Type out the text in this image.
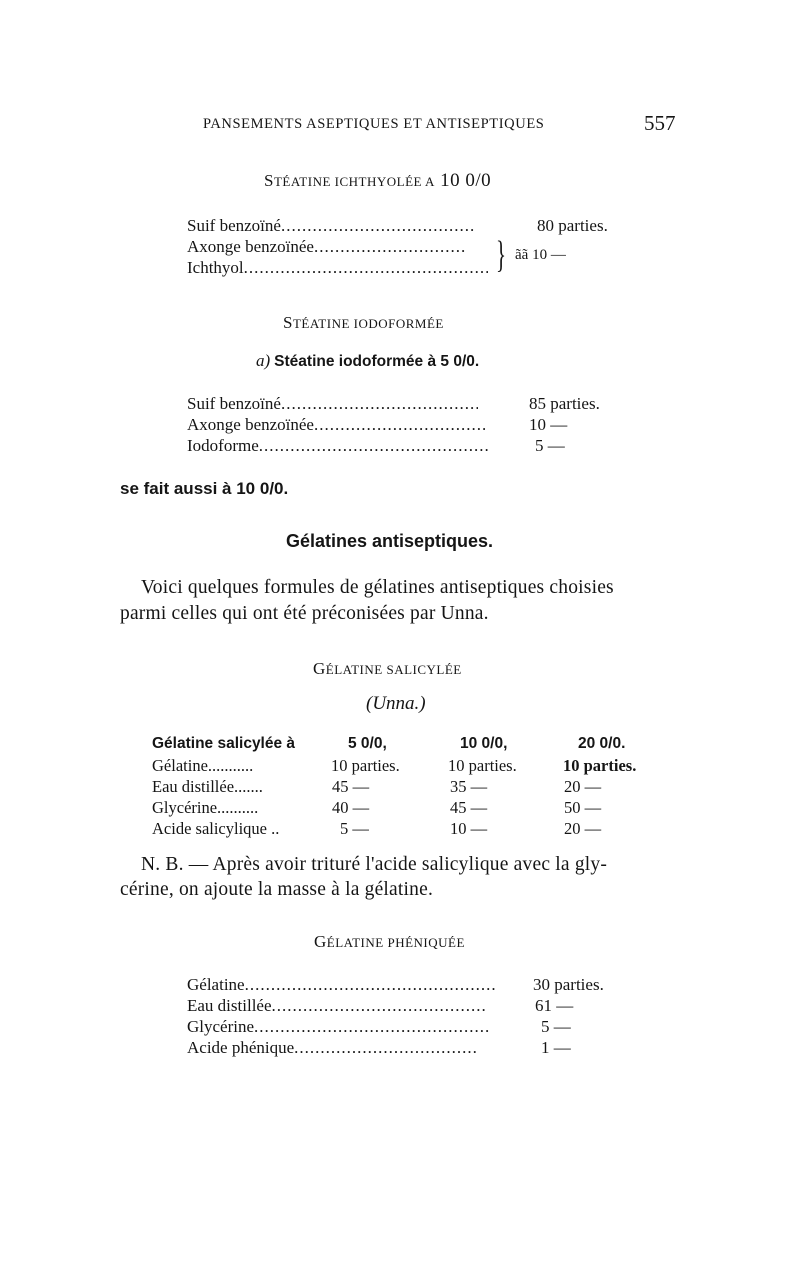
PANSEMENTS ASEPTIQUES ET ANTISEPTIQUES	557
STÉATINE ICHTHYOLÉE A 10 0/0
Suif benzoïné .....	80 parties.
Axonge benzoïnée.....
Ichthyol .....	} ãã 10 —
STÉATINE IODOFORMÉE
a) Stéatine iodoformée à 5 0/0.
Suif benzoïné .....	85 parties.
Axonge benzoïnée .....	10 —
Iodoforme .....	5 —
se fait aussi à 10 0/0.
Gélatines antiseptiques.
Voici quelques formules de gélatines antiseptiques choisies
parmi celles qui ont été préconisées par Unna.
GÉLATINE SALICYLÉE
(Unna.)
Gélatine salicylée à	5 0/0,	10 0/0,	20 0/0.
Gélatine...........	10 parties.	10 parties.	10 parties.
Eau distillée.......	45 —	35 —	20 —
Glycérine..........	40 —	45 —	50 —
Acide salicylique ..	5 —	10 —	20 —
N. B. — Après avoir trituré l'acide salicylique avec la gly-
cérine, on ajoute la masse à la gélatine.
GÉLATINE PHÉNIQUÉE
Gélatine .....	30 parties.
Eau distillée .....	61 —
Glycérine .....	5 —
Acide phénique .....	1 —
